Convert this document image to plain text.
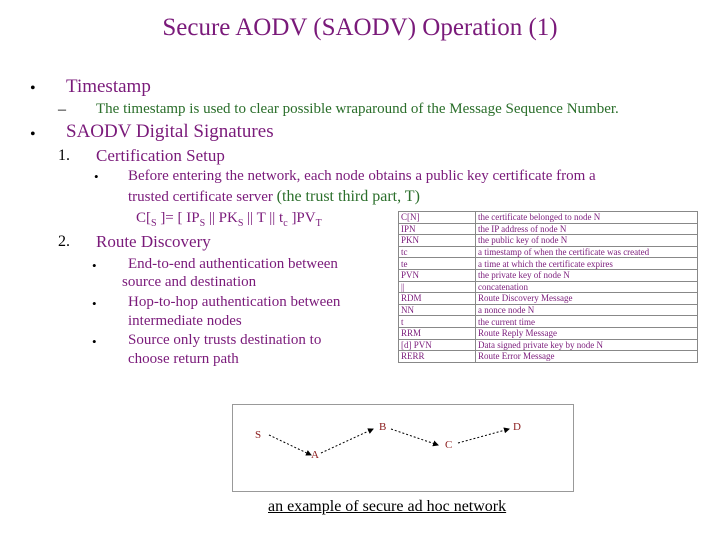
Secure AODV (SAODV) Operation (1)
• Timestamp
– The timestamp is used to clear possible wraparound of the Message Sequence Number.
• SAODV Digital Signatures
1. Certification Setup
• Before entering the network, each node obtains a public key certificate from a
trusted certificate server (the trust third part, T)
$C[_S$ ]= [ $IP_S$ || $PK_S$ || T || $t_c$ ]$PV_T$
2. Route Discovery
• End-to-end authentication between
source and destination
• Hop-to-hop authentication between
intermediate nodes
• Source only trusts destination to
choose return path
C[N]	the certificate belonged to node N
IPN	the IP address of node N
PKN	the public key of node N
tc	a timestamp of when the certificate was created
te	a time at which the certificate expires
PVN	the private key of node N
||	concatenation
RDM	Route Discovery Message
NN	a nonce node N
t	the current time
RRM	Route Reply Message
[d] PVN	Data signed private key by node N
RERR	Route Error Message
S
A
B
C
D
an example of secure ad hoc network
